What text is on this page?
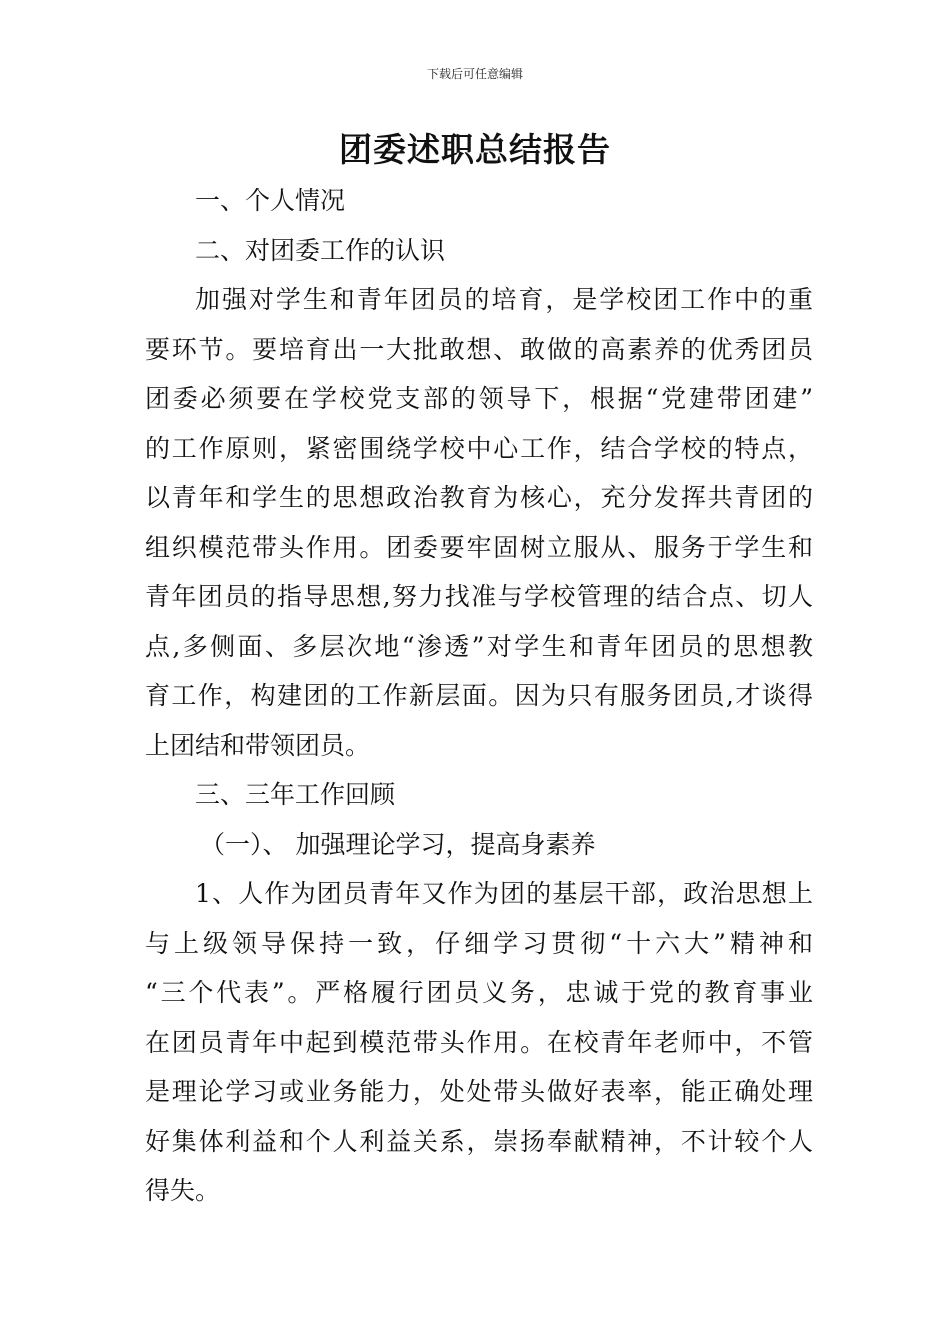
下载后可任意编辑
团委述职总结报告
一、个人情况
二、对团委工作的认识
加强对学生和青年团员的培育，是学校团工作中的重
要环节。要培育出一大批敢想、敢做的高素养的优秀团员
团委必须要在学校党支部的领导下，根据“党建带团建”
的工作原则，紧密围绕学校中心工作，结合学校的特点，
以青年和学生的思想政治教育为核心，充分发挥共青团的
组织模范带头作用。团委要牢固树立服从、服务于学生和
青年团员的指导思想,努力找准与学校管理的结合点、切人
点,多侧面、多层次地“渗透”对学生和青年团员的思想教
育工作，构建团的工作新层面。因为只有服务团员,才谈得
上团结和带领团员。
三、三年工作回顾
（一）、 加强理论学习，提高身素养
1、人作为团员青年又作为团的基层干部，政治思想上
与上级领导保持一致，仔细学习贯彻“十六大”精神和
“三个代表”。严格履行团员义务，忠诚于党的教育事业
在团员青年中起到模范带头作用。在校青年老师中，不管
是理论学习或业务能力，处处带头做好表率，能正确处理
好集体利益和个人利益关系，崇扬奉献精神，不计较个人
得失。
